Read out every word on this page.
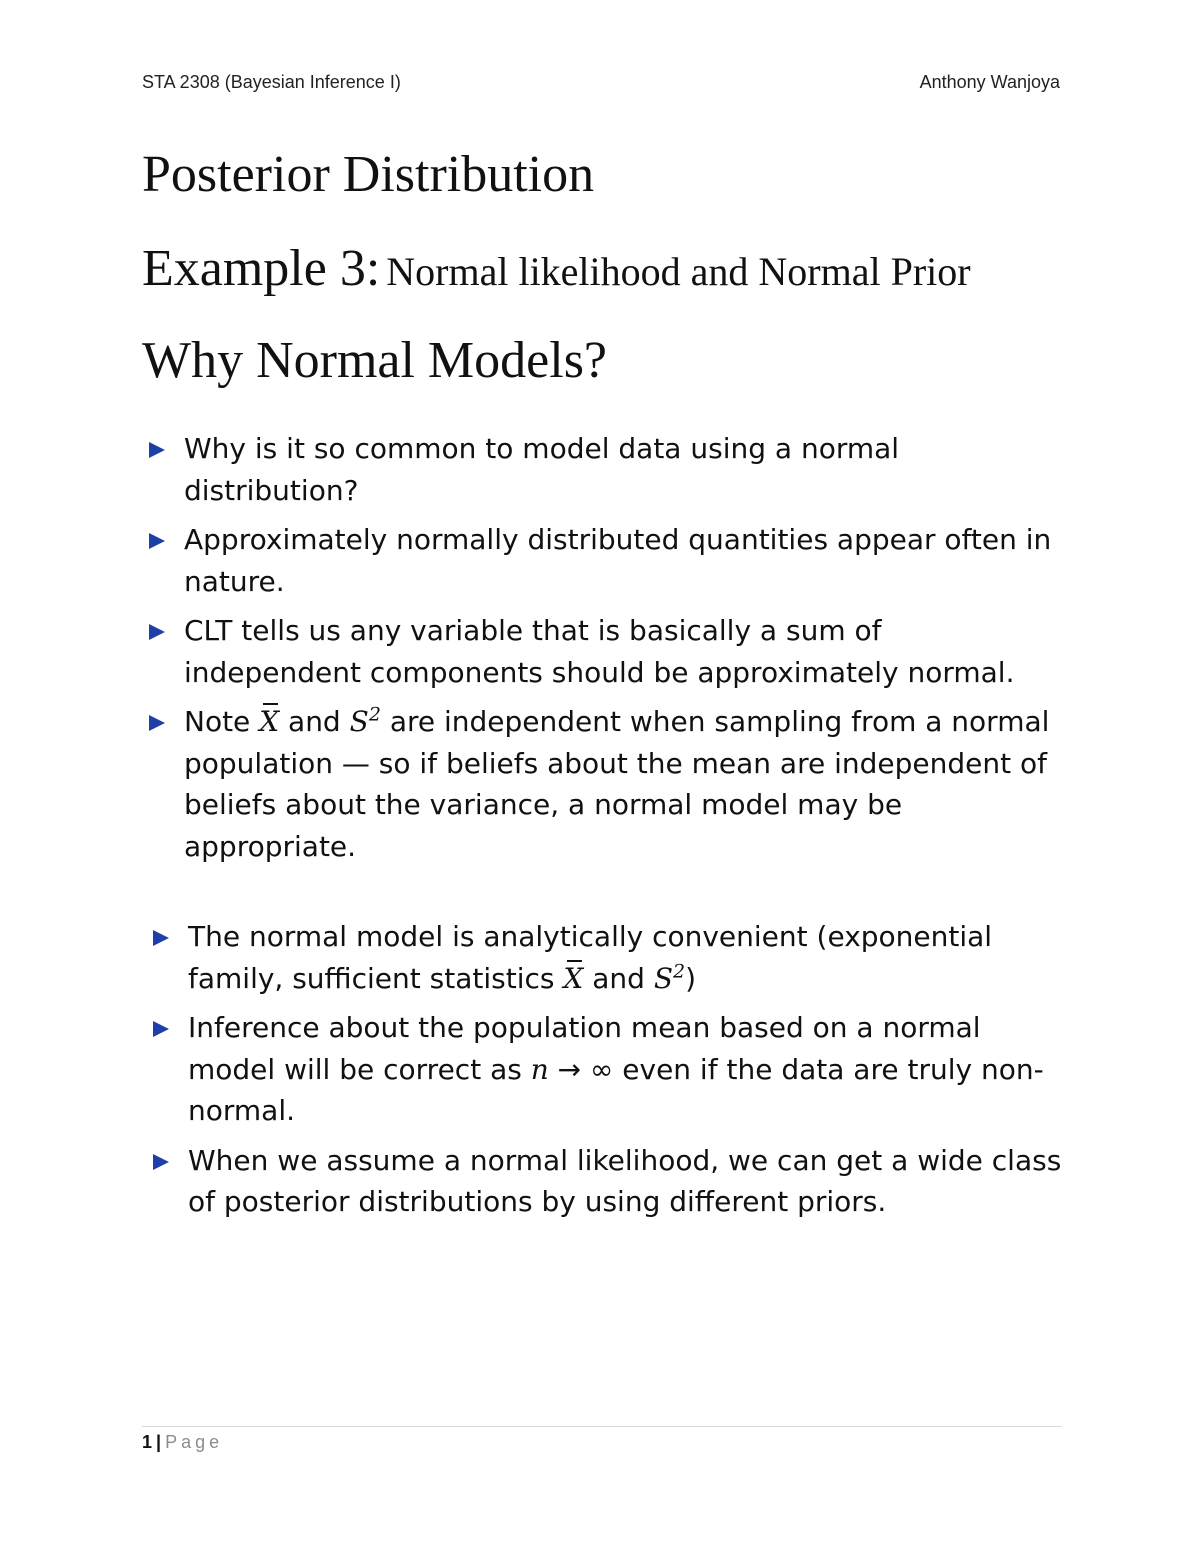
STA 2308 (Bayesian Inference I)	Anthony Wanjoya
Posterior Distribution
Example 3: Normal likelihood and Normal Prior
Why Normal Models?
Why is it so common to model data using a normal distribution?
Approximately normally distributed quantities appear often in nature.
CLT tells us any variable that is basically a sum of independent components should be approximately normal.
Note X and $S^2$ are independent when sampling from a normal population — so if beliefs about the mean are independent of beliefs about the variance, a normal model may be appropriate.
The normal model is analytically convenient (exponential family, sufficient statistics X and $S^2$)
Inference about the population mean based on a normal model will be correct as n → ∞ even if the data are truly non-normal.
When we assume a normal likelihood, we can get a wide class of posterior distributions by using different priors.
1 | Page
